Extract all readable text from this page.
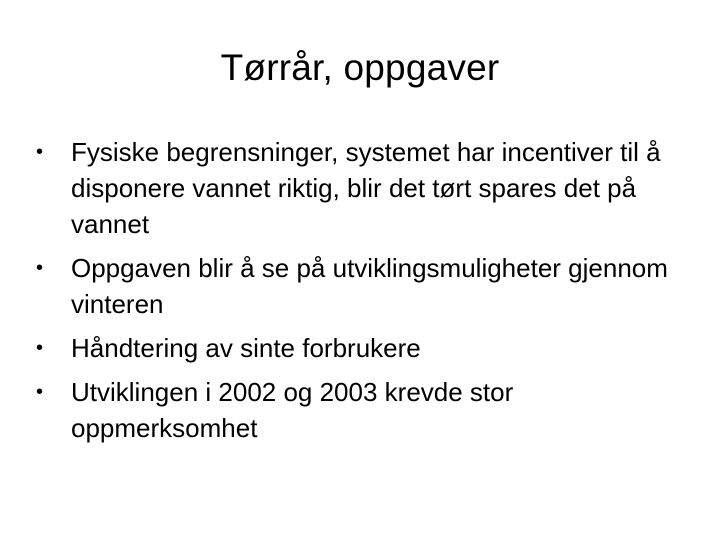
Tørrår, oppgaver
•	Fysiske begrensninger, systemet har incentiver til å disponere vannet riktig, blir det tørt spares det på vannet
•	Oppgaven blir å se på utviklingsmuligheter gjennom vinteren
•	Håndtering av sinte forbrukere
•	Utviklingen i 2002 og 2003 krevde stor oppmerksomhet
